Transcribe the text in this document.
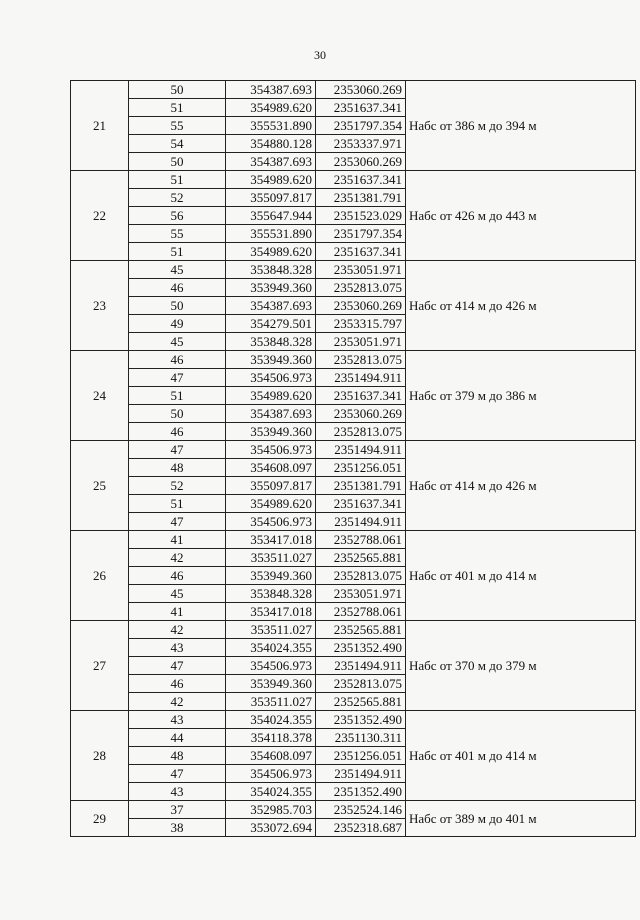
30
21	50	354387.693	2353060.269	Набс от 386 м до 394 м
	51	354989.620	2351637.341	
	55	355531.890	2351797.354	
	54	354880.128	2353337.971	
	50	354387.693	2353060.269	
22	51	354989.620	2351637.341	Набс от 426 м до 443 м
	52	355097.817	2351381.791	
	56	355647.944	2351523.029	
	55	355531.890	2351797.354	
	51	354989.620	2351637.341	
23	45	353848.328	2353051.971	Набс от 414 м до 426 м
	46	353949.360	2352813.075	
	50	354387.693	2353060.269	
	49	354279.501	2353315.797	
	45	353848.328	2353051.971	
24	46	353949.360	2352813.075	Набс от 379 м до 386 м
	47	354506.973	2351494.911	
	51	354989.620	2351637.341	
	50	354387.693	2353060.269	
	46	353949.360	2352813.075	
25	47	354506.973	2351494.911	Набс от 414 м до 426 м
	48	354608.097	2351256.051	
	52	355097.817	2351381.791	
	51	354989.620	2351637.341	
	47	354506.973	2351494.911	
26	41	353417.018	2352788.061	Набс от 401 м до 414 м
	42	353511.027	2352565.881	
	46	353949.360	2352813.075	
	45	353848.328	2353051.971	
	41	353417.018	2352788.061	
27	42	353511.027	2352565.881	Набс от 370 м до 379 м
	43	354024.355	2351352.490	
	47	354506.973	2351494.911	
	46	353949.360	2352813.075	
	42	353511.027	2352565.881	
28	43	354024.355	2351352.490	Набс от 401 м до 414 м
	44	354118.378	2351130.311	
	48	354608.097	2351256.051	
	47	354506.973	2351494.911	
	43	354024.355	2351352.490	
29	37	352985.703	2352524.146	Набс от 389 м до 401 м
	38	353072.694	2352318.687	
